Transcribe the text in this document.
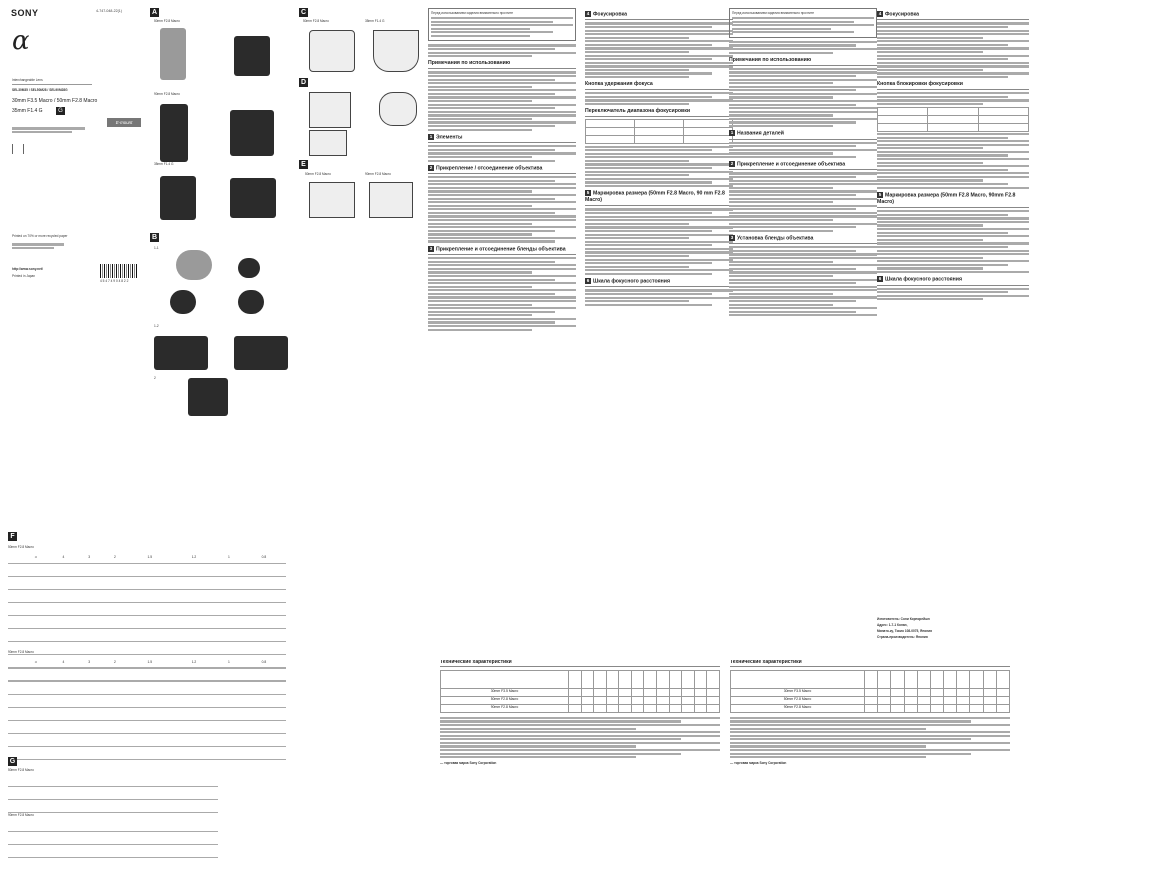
SONY	4-747-048-22(1)
α
Interchangeable Lens
SEL30M35 / SEL50M28 / SEL90M28G
30mm F3.5 Macro / 50mm F2.8 Macro
35mm F1.4 G	G
E-mount
Printed on 70% or more recycled paper
http://www.sony.net/
Printed in Japan
4 5 4 7 4 9 0 4 8 2 2
A
50mm F2.8 Macro
90mm F2.8 Macro
35mm F1.4 G
B
1-1
1-2
2
C
50mm F2.8 Macro	35mm F1.4 G
D
E
50mm F2.8 Macro	90mm F2.8 Macro
Перед использованием изделия внимательно прочтите
Примечания по использованию
1 Элементы
2 Прикрепление / отсоединение объектива
3 Прикрепление и отсоединение бленды объектива
4 Фокусировка
Кнопка удержания фокуса
Переключатель диапазона фокусировки

5 Маркировка размера (50mm F2.8 Macro, 90 mm F2.8 Macro)
6 Шкала фокусного расстояния
Перед использованием изделия внимательно прочтите
Примечания по использованию
1 Названия деталей
2 Прикрепление и отсоединение объектива
3 Установка бленды объектива
4 Фокусировка
Кнопка блокировки фокусировки

5 Маркировка размера (50mm F2.8 Macro, 90mm F2.8 Macro)
6 Шкала фокусного расстояния
Изготовитель: Сони Корпорейшн
Адрес: 1-7-1 Конан,
Минато-ку, Токио 108-0075, Япония
Страна-производитель: Япония
F
50mm F2.8 Macro
	∞	4	3	2	1.5	1.2	1	0.8

90mm F2.8 Macro
	∞	4	3	2	1.5	1.2	1	0.8

G
50mm F2.8 Macro

90mm F2.8 Macro

Технические характеристики

30mm F3.5 Macro												
50mm F2.8 Macro												
90mm F2.8 Macro												
— торговая марка Sony Corporation
Технические характеристики

30mm F3.5 Macro											
50mm F2.8 Macro											
90mm F2.8 Macro											
— торговая марка Sony Corporation
